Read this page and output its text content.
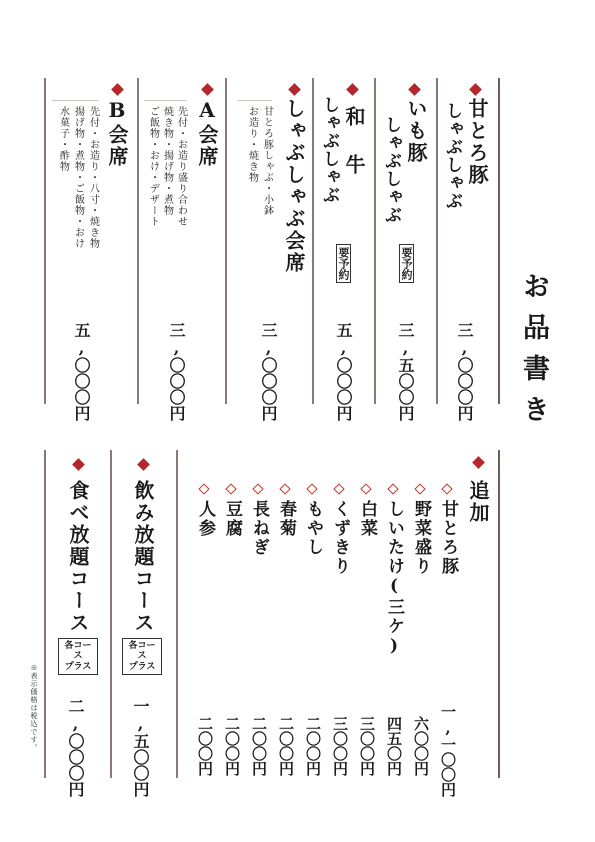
お品書き
甘とろ豚
しゃぶしゃぶ
三,〇〇〇円
いも豚
しゃぶしゃぶ
要予約
三,五〇〇円
和 牛
しゃぶしゃぶ
要予約
五,〇〇〇円
しゃぶしゃぶ会席
甘とろ豚しゃぶ・小鉢
お造り・焼き物
三,〇〇〇円
A会席
先付・お造り盛り合わせ
焼き物・揚げ物・煮物
ご飯物・おけ・デザート
三,〇〇〇円
B会席
先付・お造り・八寸・焼き物
揚げ物・煮物・ご飯物・おけ
水菓子・酢物
五,〇〇〇円
追加
甘とろ豚
一,一〇〇円
野菜盛り
六〇〇円
しいたけ(三ケ)
四五〇円
白菜
三〇〇円
くずきり
三〇〇円
もやし
二〇〇円
春菊
二〇〇円
長ねぎ
二〇〇円
豆腐
二〇〇円
人参
二〇〇円
飲み放題コース
各コース
プラス
一,五〇〇円
食べ放題コース
各コース
プラス
二,〇〇〇円
※表示価格は税込です。
